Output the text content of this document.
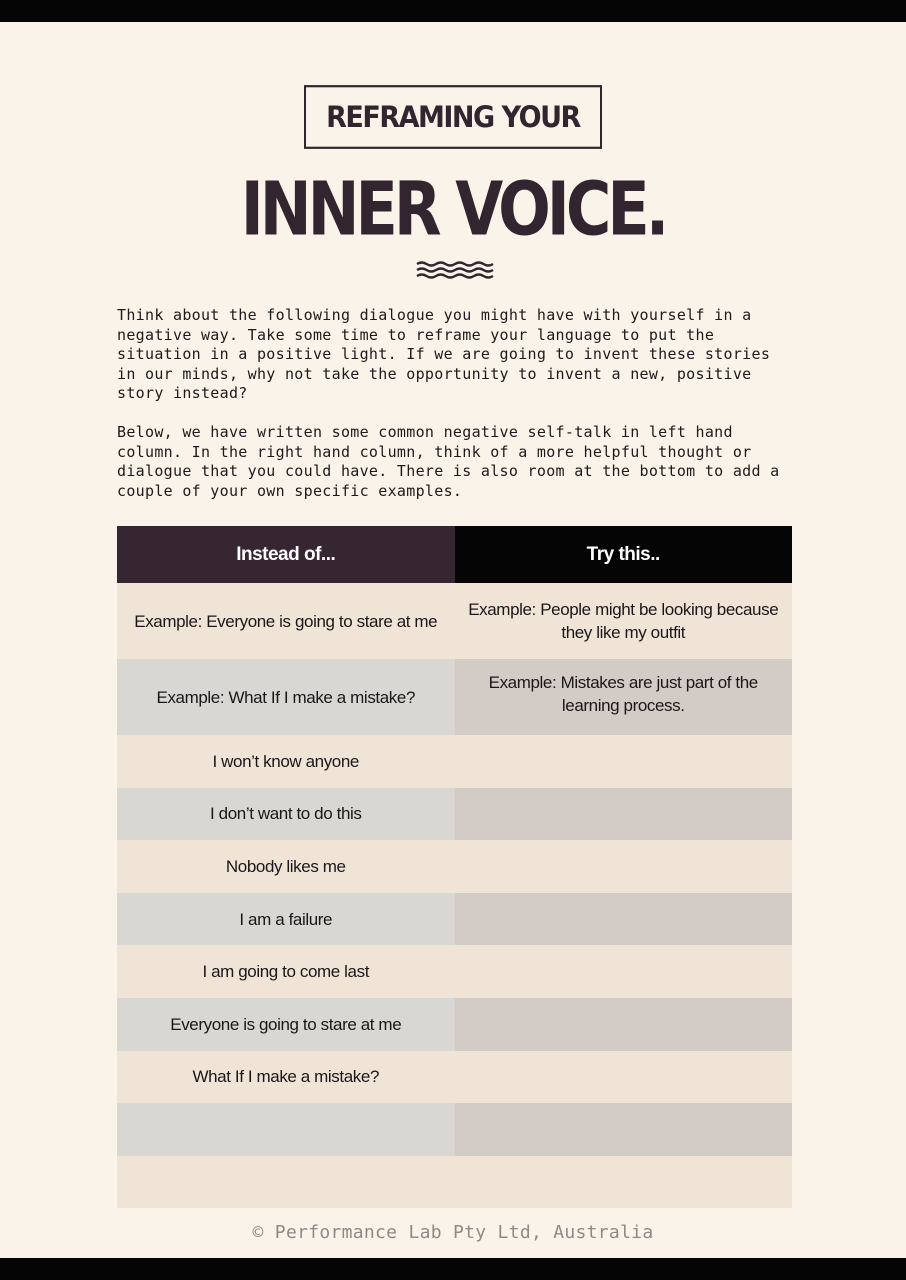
REFRAMING YOUR
INNER VOICE.

Think about the following dialogue you might have with yourself in a negative way. Take some time to reframe your language to put the situation in a positive light. If we are going to invent these stories in our minds, why not take the opportunity to invent a new, positive story instead?

Below, we have written some common negative self-talk in left hand column. In the right hand column, think of a more helpful thought or dialogue that you could have. There is also room at the bottom to add a couple of your own specific examples.

Instead of...	Try this..
Example: Everyone is going to stare at me
Example: People might be looking because they like my outfit
Example: What If I make a mistake?
Example: Mistakes are just part of the learning process.
I won’t know anyone
I don’t want to do this
Nobody likes me
I am a failure
I am going to come last
Everyone is going to stare at me
What If I make a mistake?
© Performance Lab Pty Ltd, Australia
